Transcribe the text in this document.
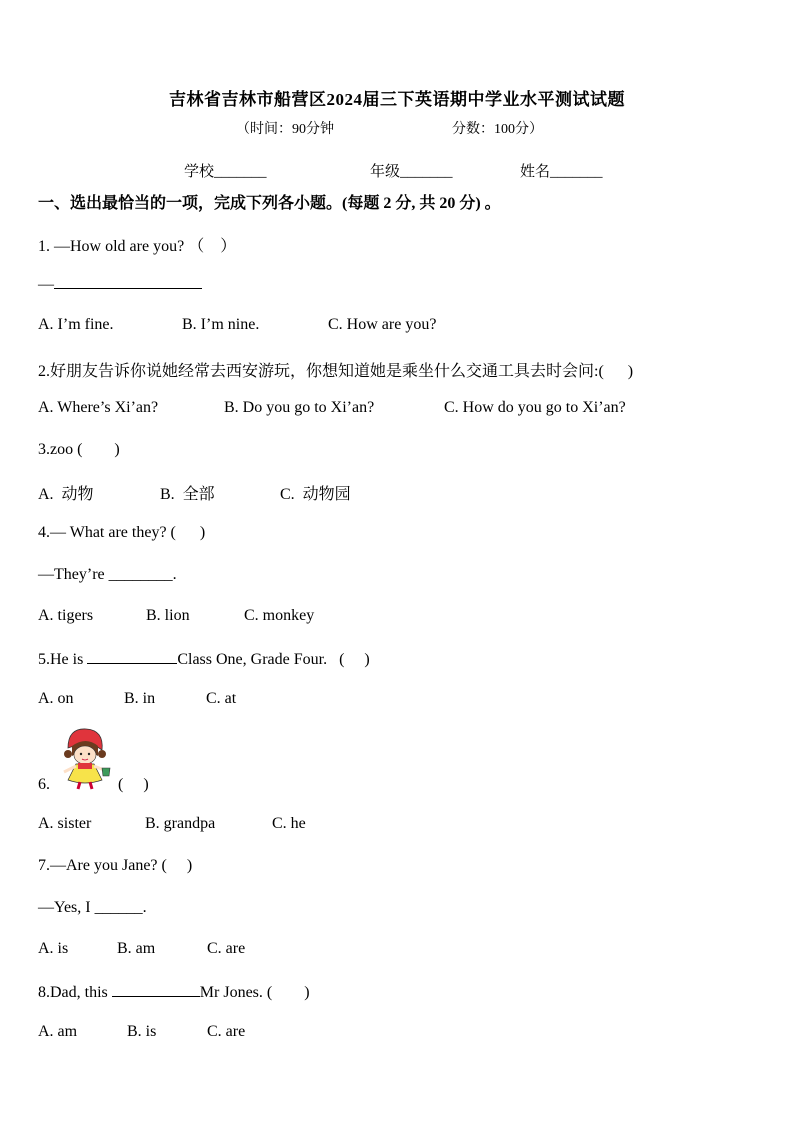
吉林省吉林市船营区2024届三下英语期中学业水平测试试题
（时间：90分钟	分数：100分）
学校_______	年级_______	姓名_______
一、选出最恰当的一项，完成下列各小题。(每题 2 分, 共 20 分) 。
1. —How old are you? （    ）
—
A. I’m fine.	B. I’m nine.	C. How are you?
2.好朋友告诉你说她经常去西安游玩，你想知道她是乘坐什么交通工具去时会问:(      )
A. Where’s Xi’an?	B. Do you go to Xi’an?	C. How do you go to Xi’an?
3.zoo (        )
A.  动物	B.  全部	C.  动物园
4.— What are they? (      )
—They’re ________.
A. tigers	B. lion	C. monkey
5.He is	Class One, Grade Four.   (     )
A. on	B. in	C. at
6.	(     )
A. sister	B. grandpa	C. he
7.—Are you Jane? (     )
—Yes, I ______.
A. is	B. am	C. are
8.Dad, this	Mr Jones. (        )
A. am	B. is	C. are
